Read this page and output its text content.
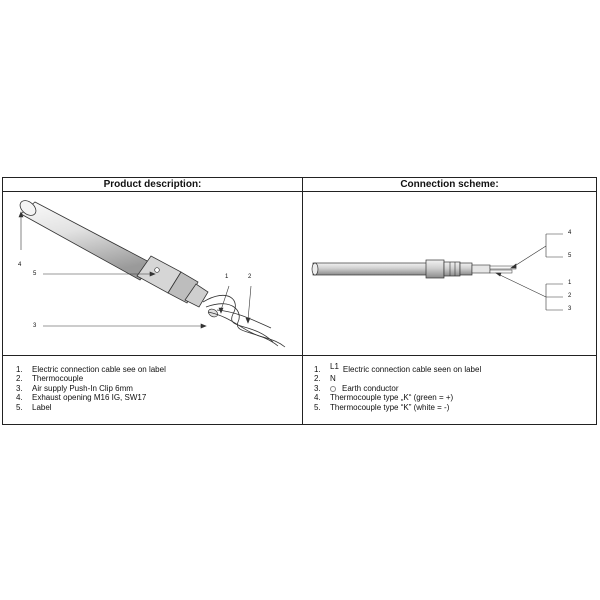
Product description:	Connection scheme:
4
5	1	2
3
4
5
1
2
3
1. Electric connection cable see on label
2. Thermocouple
3. Air supply Push-In Clip 6mm
4. Exhaust opening M16 IG, SW17
5. Label
1. L1 Electric connection cable seen on label
2. N
3.	Earth conductor
4. Thermocouple type „K“ (green = +)
5. Thermocouple type “K” (white = -)
